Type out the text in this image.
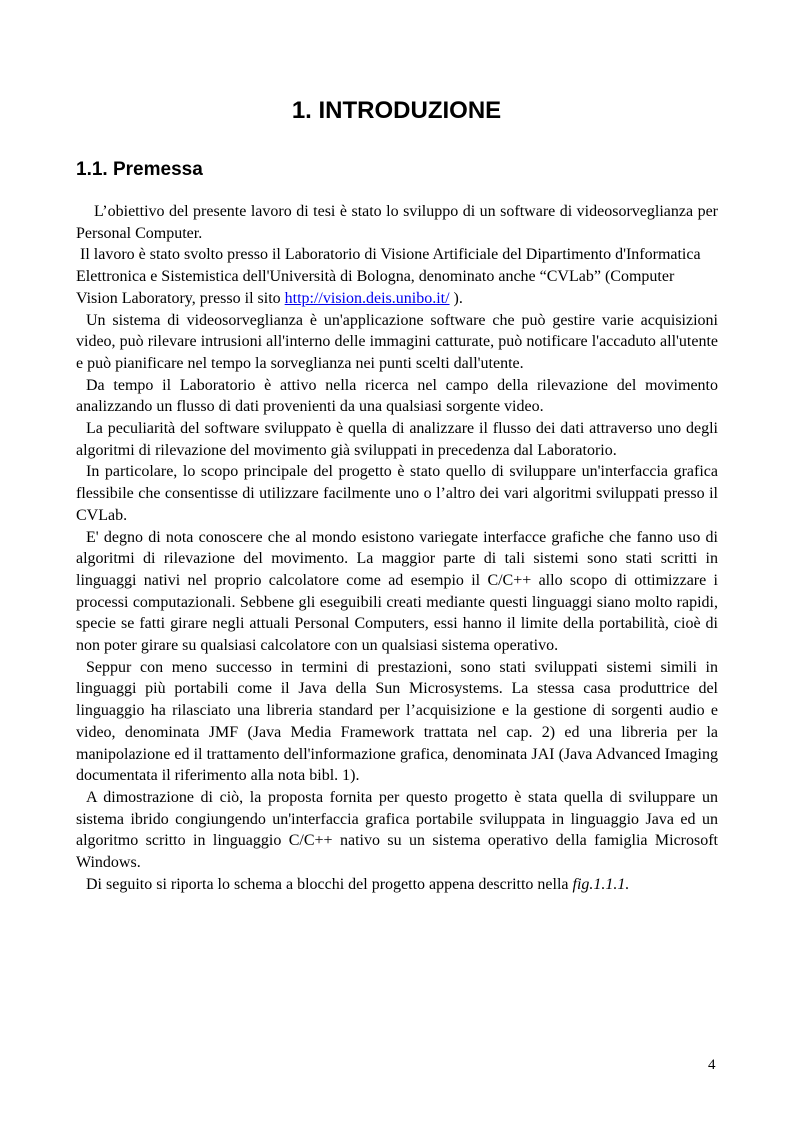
1. INTRODUZIONE
1.1. Premessa

L’obiettivo del presente lavoro di tesi è stato lo sviluppo di un software di videosorveglianza per Personal Computer.

Il lavoro è stato svolto presso il Laboratorio di Visione Artificiale del Dipartimento d'Informatica Elettronica e Sistemistica dell'Università di Bologna, denominato anche “CVLab” (Computer Vision Laboratory, presso il sito http://vision.deis.unibo.it/ ).

Un sistema di videosorveglianza è un'applicazione software che può gestire varie acquisizioni video, può rilevare intrusioni all'interno delle immagini catturate, può notificare l'accaduto all'utente e può pianificare nel tempo la sorveglianza nei punti scelti dall'utente.

Da tempo il Laboratorio è attivo nella ricerca nel campo della rilevazione del movimento analizzando un flusso di dati provenienti da una qualsiasi sorgente video.

La peculiarità del software sviluppato è quella di analizzare il flusso dei dati attraverso uno degli algoritmi di rilevazione del movimento già sviluppati in precedenza dal Laboratorio.

In particolare, lo scopo principale del progetto è stato quello di sviluppare un'interfaccia grafica flessibile che consentisse di utilizzare facilmente uno o l’altro dei vari algoritmi sviluppati presso il CVLab.

E' degno di nota conoscere che al mondo esistono variegate interfacce grafiche che fanno uso di algoritmi di rilevazione del movimento. La maggior parte di tali sistemi sono stati scritti in linguaggi nativi nel proprio calcolatore come ad esempio il C/C++ allo scopo di ottimizzare i processi computazionali. Sebbene gli eseguibili creati mediante questi linguaggi siano molto rapidi, specie se fatti girare negli attuali Personal Computers, essi hanno il limite della portabilità, cioè di non poter girare su qualsiasi calcolatore con un qualsiasi sistema operativo.

Seppur con meno successo in termini di prestazioni, sono stati sviluppati sistemi simili in linguaggi più portabili come il Java della Sun Microsystems. La stessa casa produttrice del linguaggio ha rilasciato una libreria standard per l’acquisizione e la gestione di sorgenti audio e video, denominata JMF (Java Media Framework trattata nel cap. 2) ed una libreria per la manipolazione ed il trattamento dell'informazione grafica, denominata JAI (Java Advanced Imaging documentata il riferimento alla nota bibl. 1).

A dimostrazione di ciò, la proposta fornita per questo progetto è stata quella di sviluppare un sistema ibrido congiungendo un'interfaccia grafica portabile sviluppata in linguaggio Java ed un algoritmo scritto in linguaggio C/C++ nativo su un sistema operativo della famiglia Microsoft Windows.

Di seguito si riporta lo schema a blocchi del progetto appena descritto nella fig.1.1.1.

4
